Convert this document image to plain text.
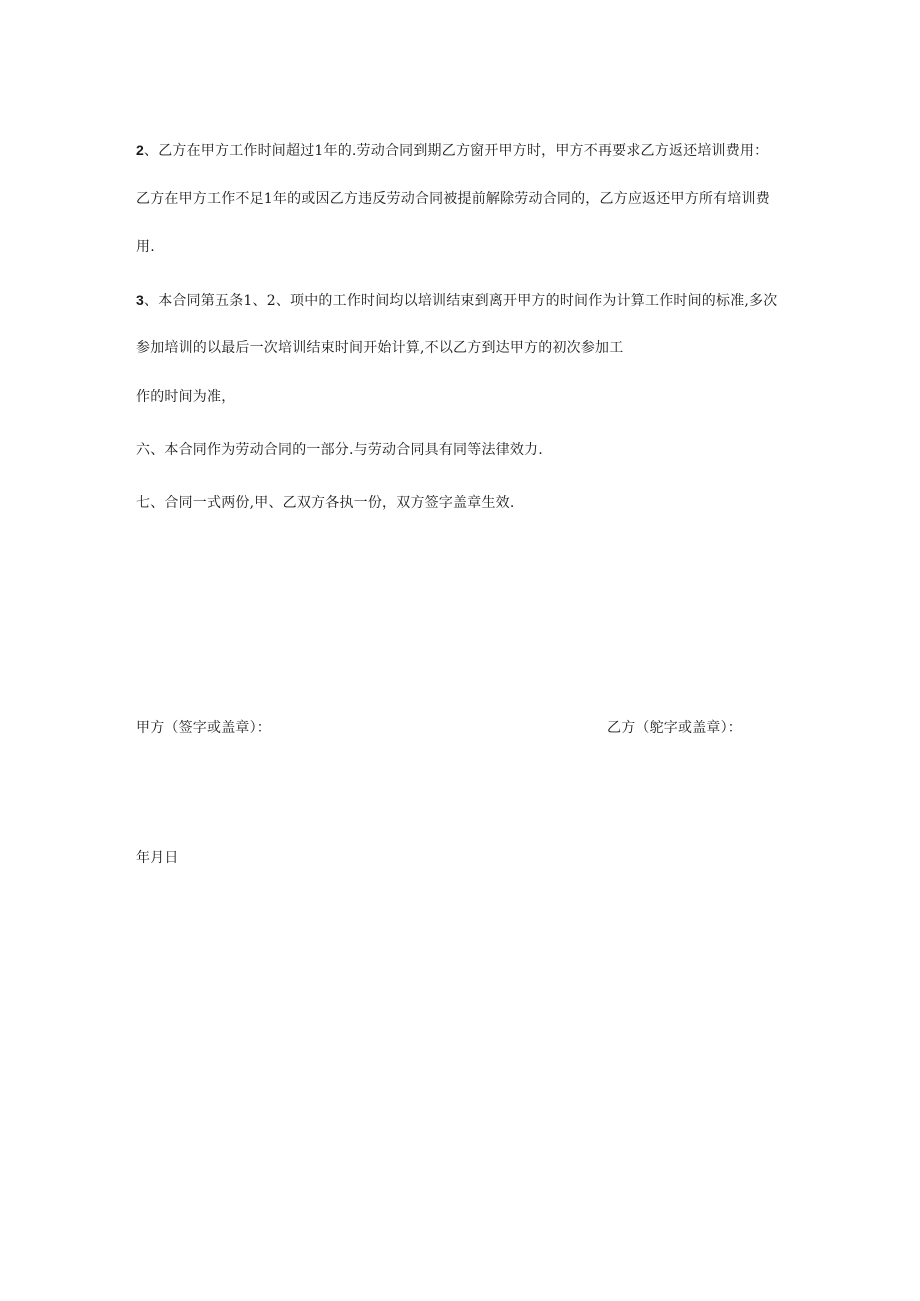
2、乙方在甲方工作时间超过1年的.劳动合同到期乙方窗开甲方时，甲方不再要求乙方返还培训费用：
乙方在甲方工作不足1年的或因乙方违反劳动合同被提前解除劳动合同的，乙方应返还甲方所有培训费
用.
3、本合同第五条1、2、项中的工作时间均以培训结束到离开甲方的时间作为计算工作时间的标准,多次
参加培训的以最后一次培训结束时间开始计算,不以乙方到达甲方的初次参加工
作的时间为准，
六、本合同作为劳动合同的一部分.与劳动合同具有同等法律效力.
七、合同一式两份,甲、乙双方各执一份，双方签字盖章生效.
甲方（签字或盖章）：	乙方（鸵字或盖章）：
年月日
